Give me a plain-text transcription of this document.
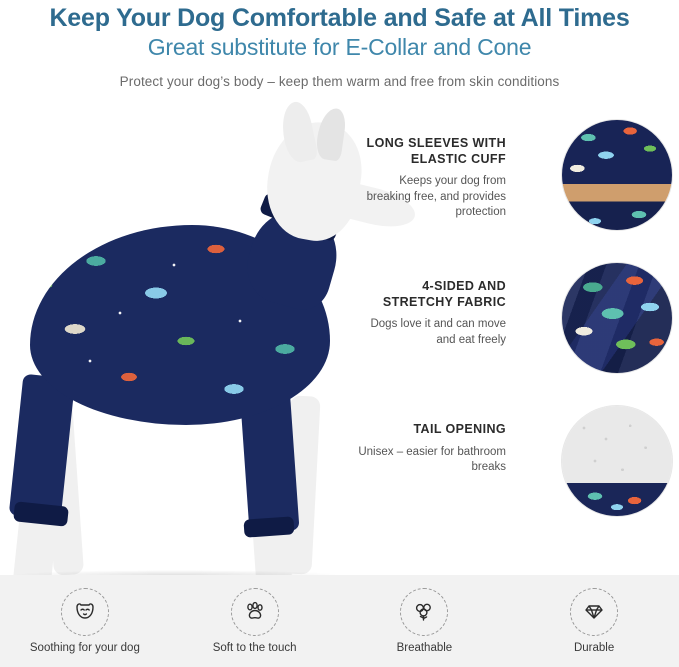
Keep Your Dog Comfortable and Safe at All Times
Great substitute for E-Collar and Cone
Protect your dog’s body – keep them warm and free from skin conditions
LONG SLEEVES WITH ELASTIC CUFF
Keeps your dog from breaking free, and provides protection
4-SIDED AND STRETCHY FABRIC
Dogs love it and can move and eat freely
TAIL OPENING
Unisex – easier for bathroom breaks
Soothing for your dog	Soft to the touch	Breathable	Durable
